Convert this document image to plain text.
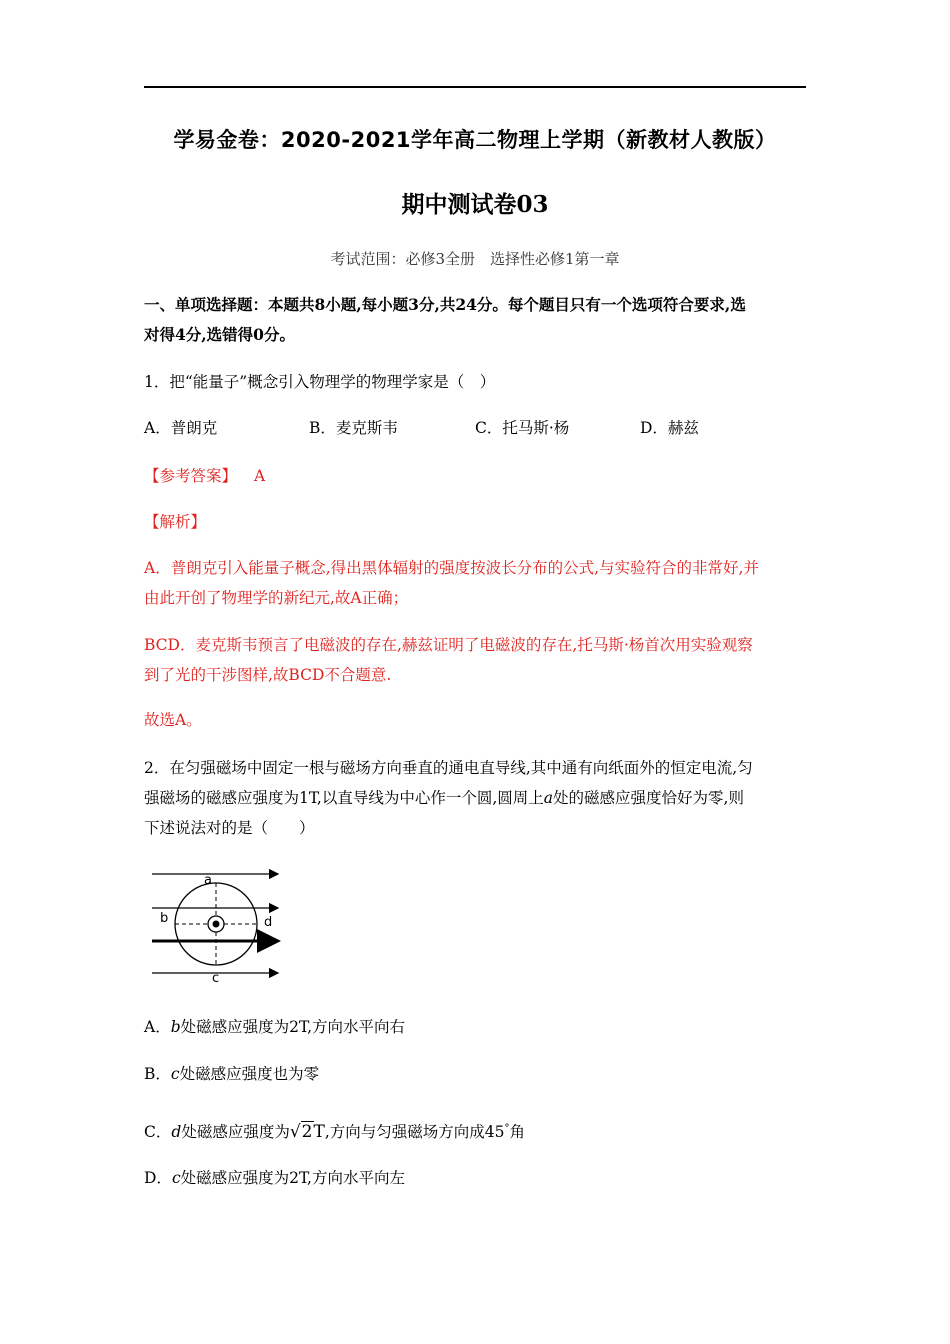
学易金卷：2020-2021学年高二物理上学期（新教材人教版）
期中测试卷03
考试范围：必修3全册　选择性必修1第一章
一、单项选择题：本题共8小题,每小题3分,共24分。每个题目只有一个选项符合要求,选
对得4分,选错得0分。
1．把“能量子”概念引入物理学的物理学家是（　）
A．普朗克	B．麦克斯韦	C．托马斯·杨	D．赫兹
【参考答案】 A
【解析】
A．普朗克引入能量子概念,得出黑体辐射的强度按波长分布的公式,与实验符合的非常好,并
由此开创了物理学的新纪元,故A正确；
BCD．麦克斯韦预言了电磁波的存在,赫兹证明了电磁波的存在,托马斯·杨首次用实验观察
到了光的干涉图样,故BCD不合题意.
故选A。
2．在匀强磁场中固定一根与磁场方向垂直的通电直导线,其中通有向纸面外的恒定电流,匀
强磁场的磁感应强度为1T,以直导线为中心作一个圆,圆周上a处的磁感应强度恰好为零,则
下述说法对的是（　　）
a
b	d
c
A．b处磁感应强度为2T,方向水平向右
B．c处磁感应强度也为零
C．d处磁感应强度为√2T,方向与匀强磁场方向成45°角
D．c处磁感应强度为2T,方向水平向左
